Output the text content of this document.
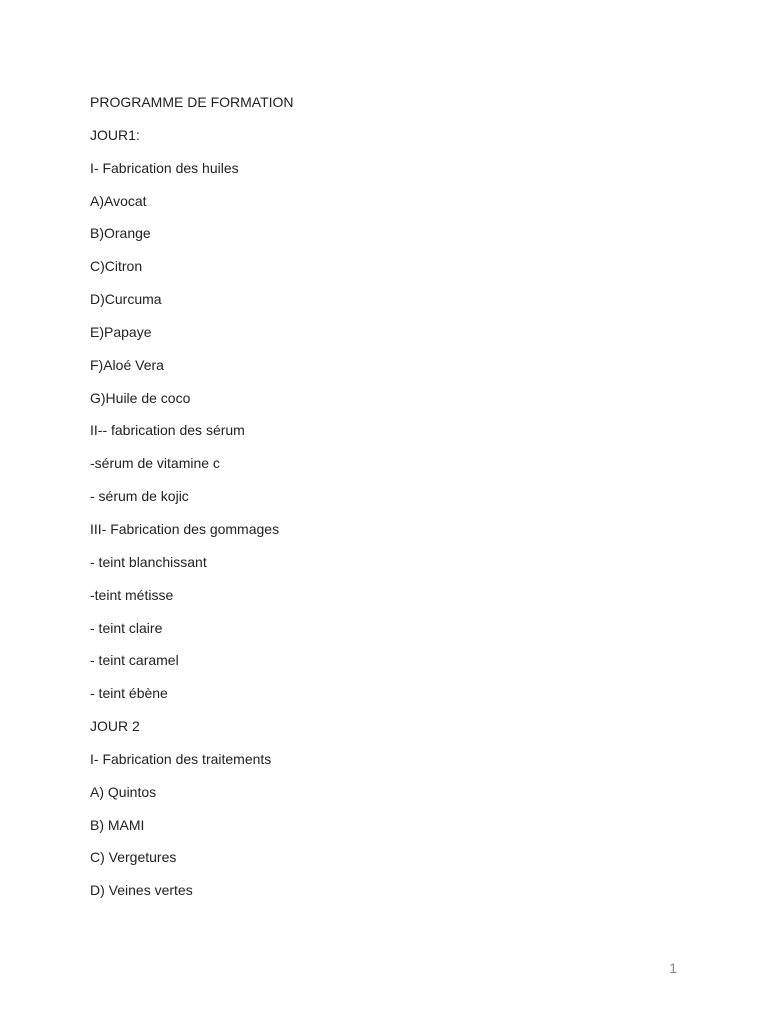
PROGRAMME DE FORMATION
JOUR1:
I- Fabrication des huiles
A)Avocat
B)Orange
C)Citron
D)Curcuma
E)Papaye
F)Aloé Vera
G)Huile de coco
II-- fabrication des sérum
-sérum de vitamine c
- sérum de kojic
III- Fabrication des gommages
- teint blanchissant
-teint métisse
- teint claire
- teint caramel
- teint ébène
JOUR 2
I- Fabrication des traitements
A) Quintos
B) MAMI
C) Vergetures
D) Veines vertes
1
